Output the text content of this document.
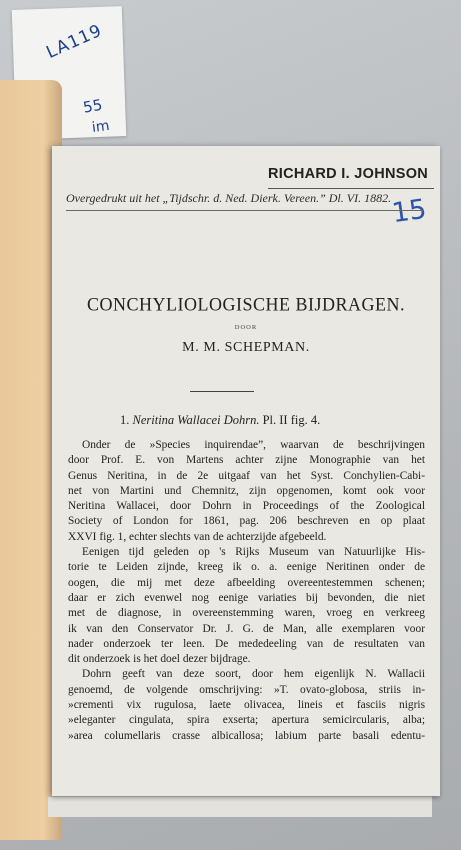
LA119
55
im
RICHARD I. JOHNSON
Overgedrukt uit het „Tijdschr. d. Ned. Dierk. Vereen.” Dl. VI. 1882.
15
CONCHYLIOLOGISCHE BIJDRAGEN.
DOOR
M. M. SCHEPMAN.
1. Neritina Wallacei Dohrn. Pl. II fig. 4.
Onder de »Species inquirendae”, waarvan de beschrijvingen
door Prof. E. von Martens achter zijne Monographie van het
Genus Neritina, in de 2e uitgaaf van het Syst. Conchylien-Cabi-
net von Martini und Chemnitz, zijn opgenomen, komt ook voor
Neritina Wallacei, door Dohrn in Proceedings of the Zoological
Society of London for 1861, pag. 206 beschreven en op plaat
XXVI fig. 1, echter slechts van de achterzijde afgebeeld.
Eenigen tijd geleden op 's Rijks Museum van Natuurlijke His-
torie te Leiden zijnde, kreeg ik o. a. eenige Neritinen onder de
oogen, die mij met deze afbeelding overeentestemmen schenen;
daar er zich evenwel nog eenige variaties bij bevonden, die niet
met de diagnose, in overeenstemming waren, vroeg en verkreeg
ik van den Conservator Dr. J. G. de Man, alle exemplaren voor
nader onderzoek ter leen. De mededeeling van de resultaten van
dit onderzoek is het doel dezer bijdrage.
Dohrn geeft van deze soort, door hem eigenlijk N. Wallacii
genoemd, de volgende omschrijving: »T. ovato-globosa, striis in-
»crementi vix rugulosa, laete olivacea, lineis et fasciis nigris
»eleganter cingulata, spira exserta; apertura semicircularis, alba;
»area columellaris crasse albicallosa; labium parte basali edentu-
